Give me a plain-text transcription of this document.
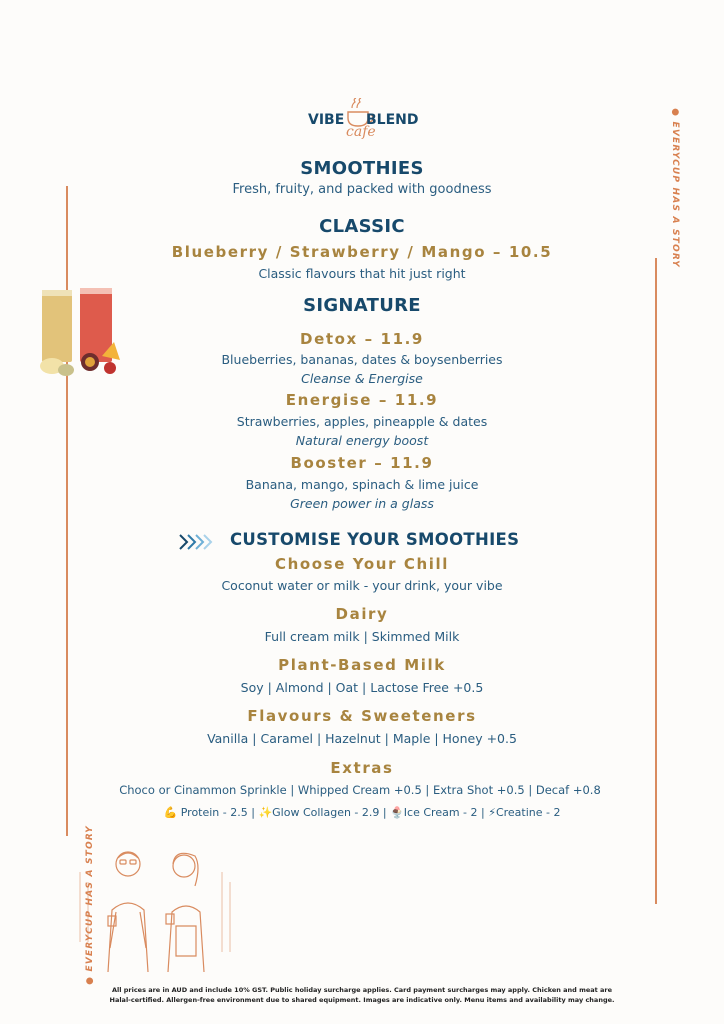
● EVERYCUP HAS A STORY
● EVERYCUP HAS A STORY
VIBE BLEND
cafe
SMOOTHIES
Fresh, fruity, and packed with goodness
CLASSIC
Blueberry / Strawberry / Mango – 10.5
Classic flavours that hit just right
SIGNATURE
Detox – 11.9
Blueberries, bananas, dates & boysenberries
Cleanse & Energise
Energise – 11.9
Strawberries, apples, pineapple & dates
Natural energy boost
Booster – 11.9
Banana, mango, spinach & lime juice
Green power in a glass
CUSTOMISE YOUR SMOOTHIES
Choose Your Chill
Coconut water or milk - your drink, your vibe
Dairy
Full cream milk | Skimmed Milk
Plant-Based Milk
Soy | Almond | Oat | Lactose Free +0.5
Flavours & Sweeteners
Vanilla | Caramel | Hazelnut | Maple | Honey +0.5
Extras
Choco or Cinammon Sprinkle | Whipped Cream +0.5 | Extra Shot +0.5 | Decaf +0.8
💪 Protein - 2.5 | ✨Glow Collagen - 2.9 | 🍨Ice Cream - 2 | ⚡Creatine - 2
All prices are in AUD and include 10% GST. Public holiday surcharge applies. Card payment surcharges may apply. Chicken and meat are
Halal-certified. Allergen-free environment due to shared equipment. Images are indicative only. Menu items and availability may change.
